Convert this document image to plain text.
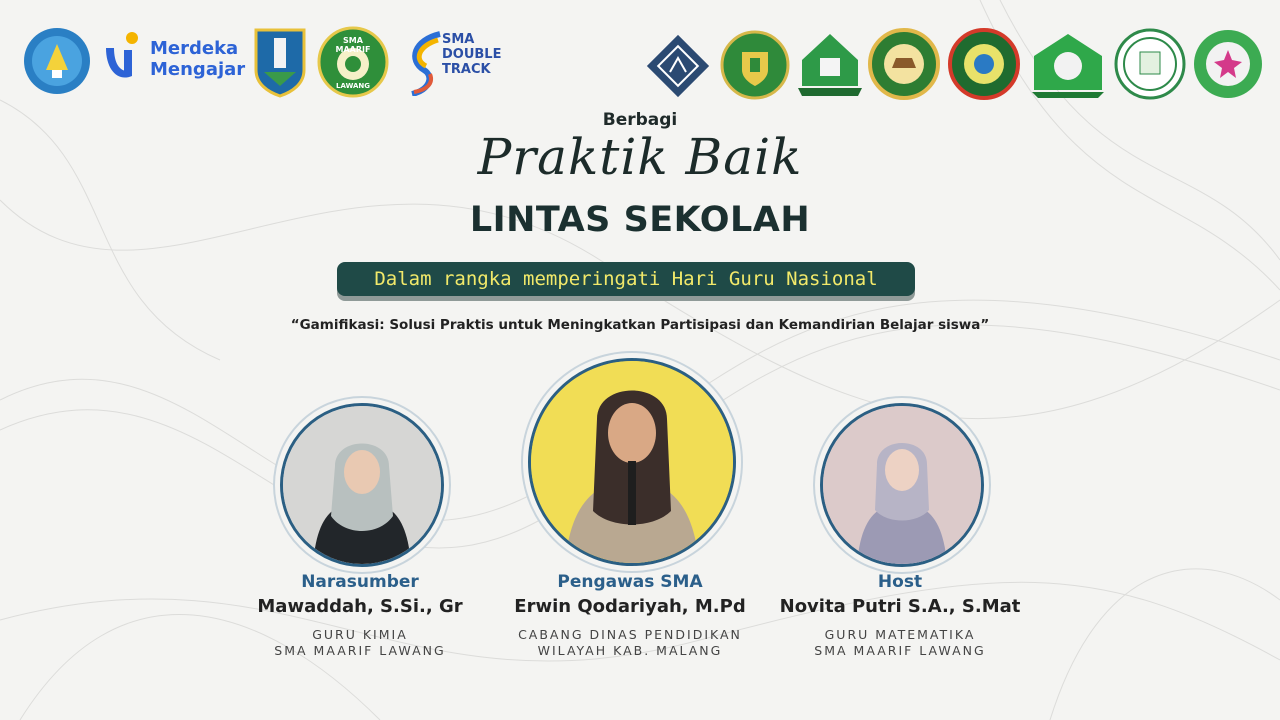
Merdeka
Mengajar
SMA MAARIF
LAWANG
SMA
DOUBLE
TRACK
Berbagi
Praktik Baik
LINTAS SEKOLAH
Dalam rangka memperingati Hari Guru Nasional
“Gamifikasi: Solusi Praktis untuk Meningkatkan Partisipasi dan Kemandirian Belajar siswa”
Narasumber
Mawaddah, S.Si., Gr
GURU KIMIA
SMA MAARIF LAWANG
Pengawas SMA
Erwin Qodariyah, M.Pd
CABANG DINAS PENDIDIKAN
WILAYAH KAB. MALANG
Host
Novita Putri S.A., S.Mat
GURU MATEMATIKA
SMA MAARIF LAWANG
